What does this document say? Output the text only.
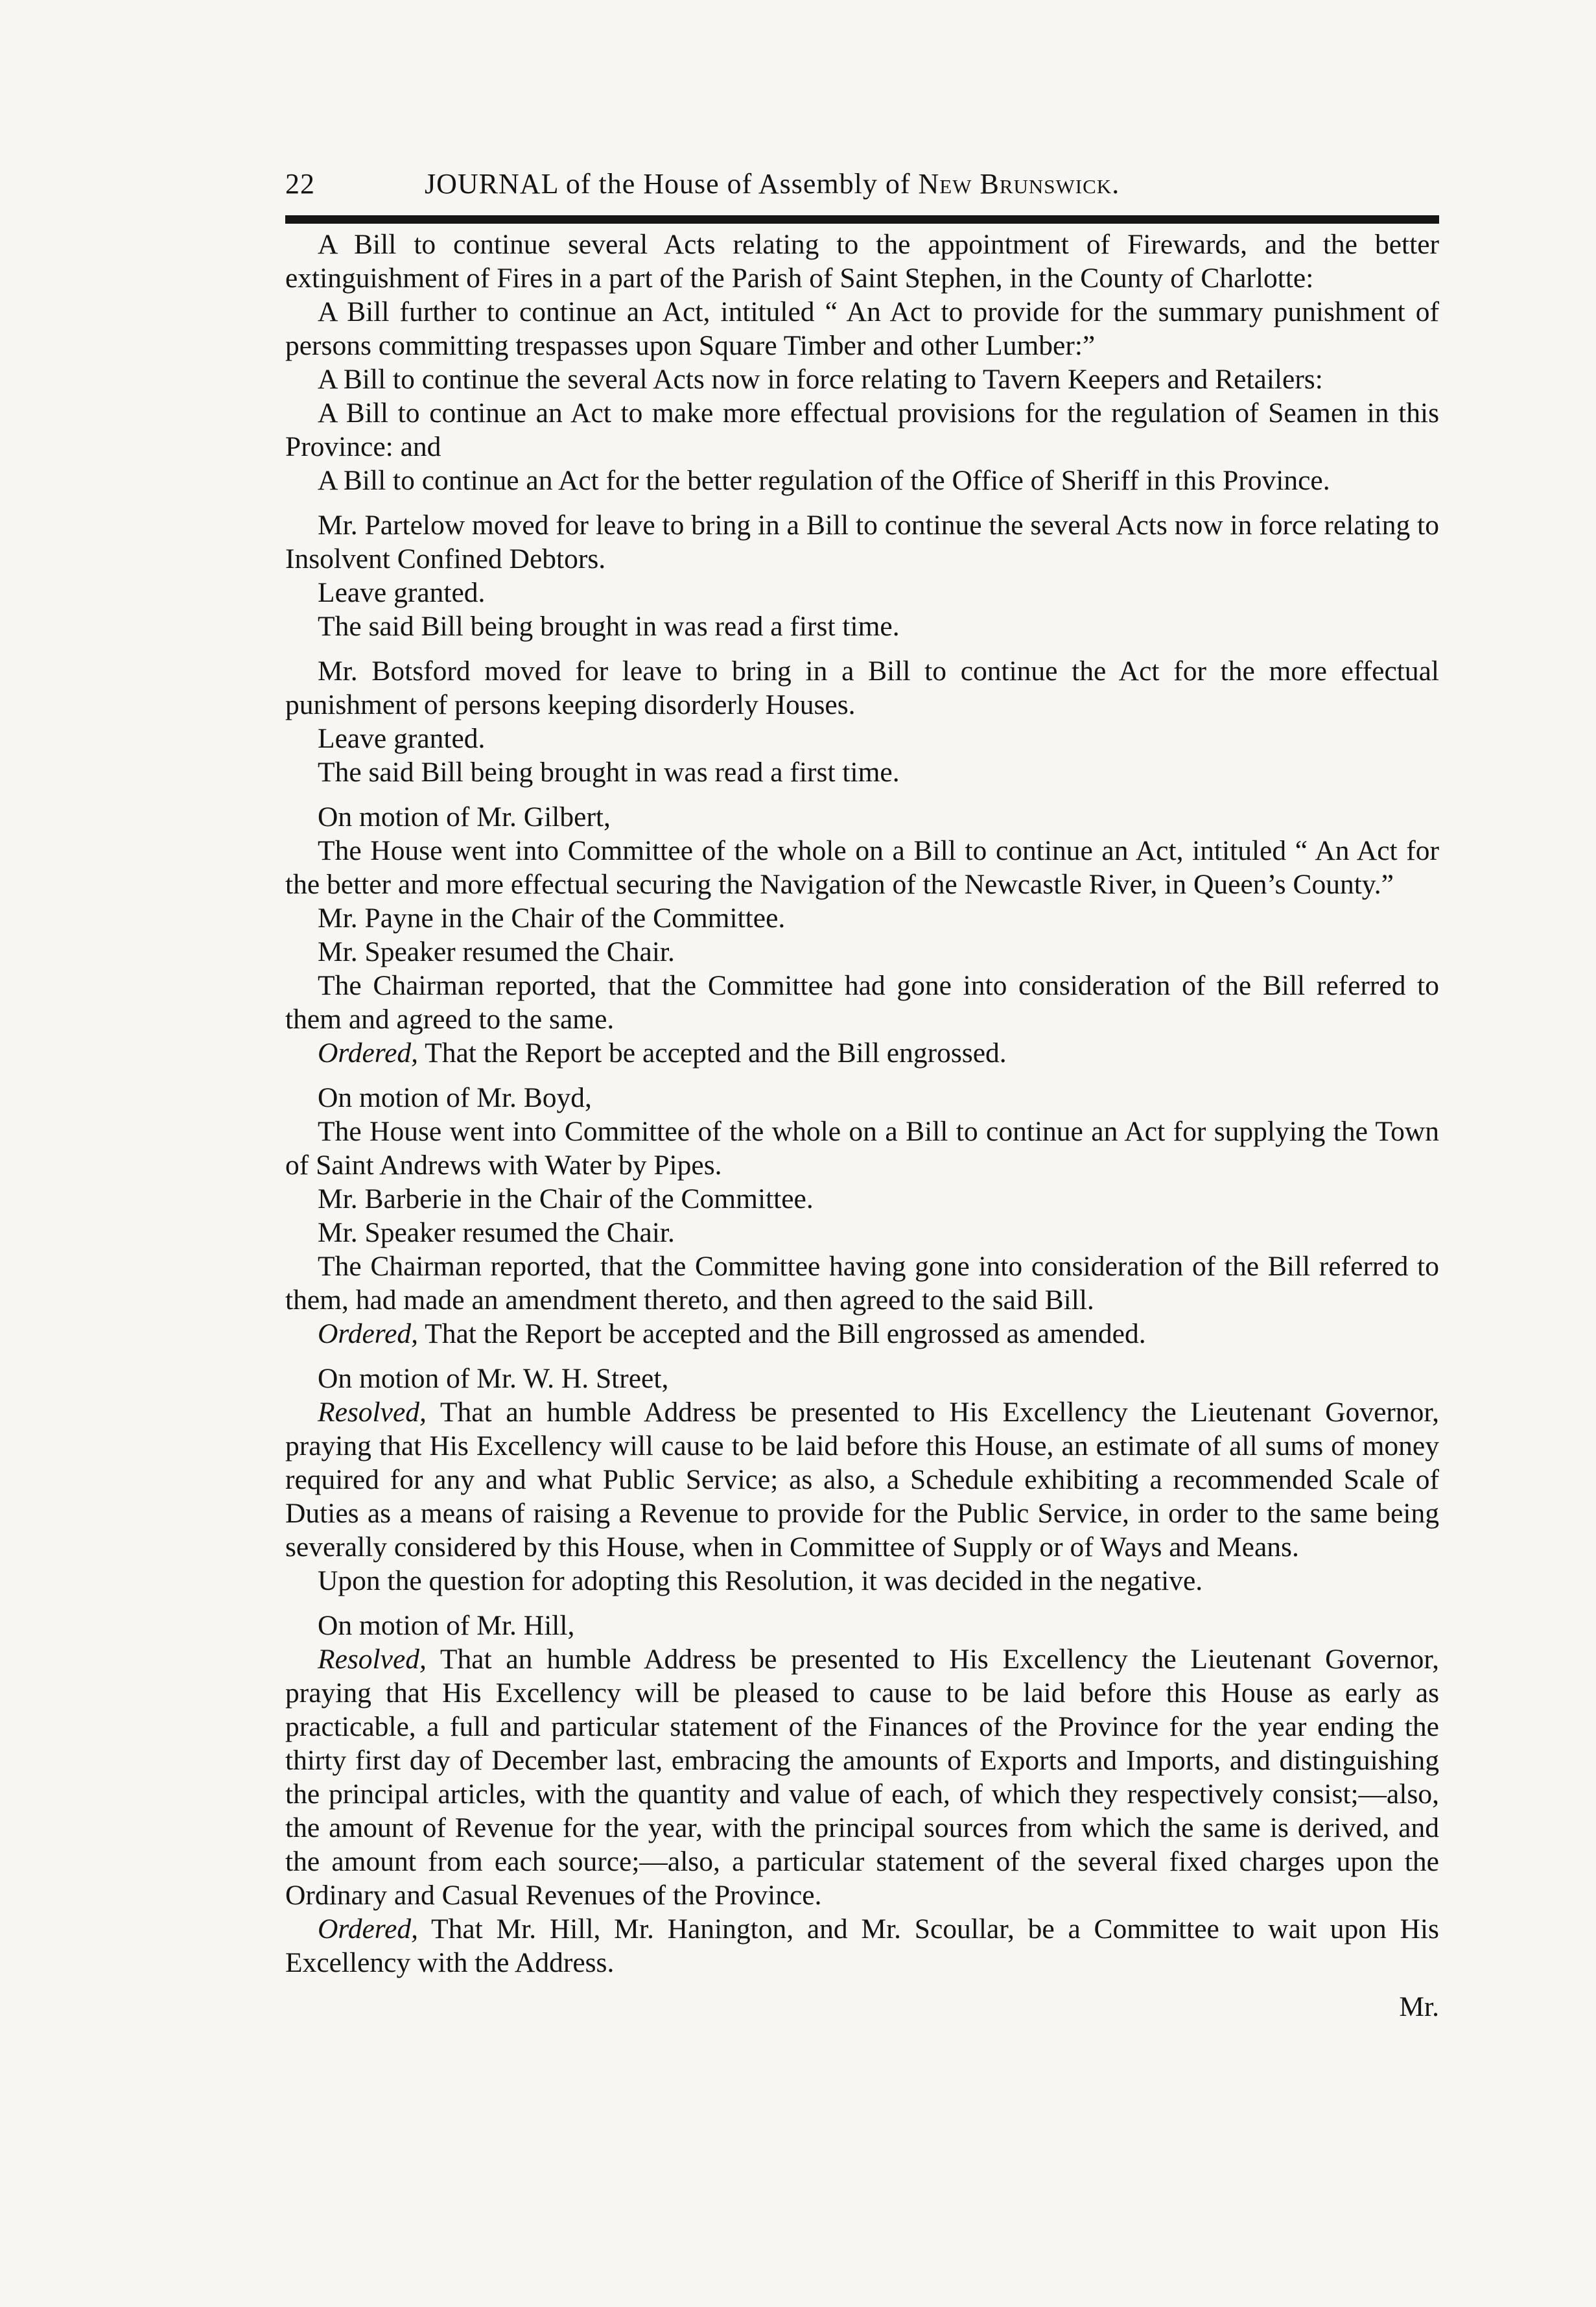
22	JOURNAL of the House of Assembly of New Brunswick.

A Bill to continue several Acts relating to the appointment of Firewards, and the better extinguishment of Fires in a part of the Parish of Saint Stephen, in the County of Charlotte:

A Bill further to continue an Act, intituled “ An Act to provide for the summary punishment of persons committing trespasses upon Square Timber and other Lumber:”

A Bill to continue the several Acts now in force relating to Tavern Keepers and Retailers:

A Bill to continue an Act to make more effectual provisions for the regulation of Seamen in this Province: and

A Bill to continue an Act for the better regulation of the Office of Sheriff in this Province.

Mr. Partelow moved for leave to bring in a Bill to continue the several Acts now in force relating to Insolvent Confined Debtors.

Leave granted.

The said Bill being brought in was read a first time.

Mr. Botsford moved for leave to bring in a Bill to continue the Act for the more effectual punishment of persons keeping disorderly Houses.

Leave granted.

The said Bill being brought in was read a first time.

On motion of Mr. Gilbert,

The House went into Committee of the whole on a Bill to continue an Act, intituled “ An Act for the better and more effectual securing the Navigation of the Newcastle River, in Queen’s County.”

Mr. Payne in the Chair of the Committee.

Mr. Speaker resumed the Chair.

The Chairman reported, that the Committee had gone into consideration of the Bill referred to them and agreed to the same.

Ordered, That the Report be accepted and the Bill engrossed.

On motion of Mr. Boyd,

The House went into Committee of the whole on a Bill to continue an Act for supplying the Town of Saint Andrews with Water by Pipes.

Mr. Barberie in the Chair of the Committee.

Mr. Speaker resumed the Chair.

The Chairman reported, that the Committee having gone into consideration of the Bill referred to them, had made an amendment thereto, and then agreed to the said Bill.

Ordered, That the Report be accepted and the Bill engrossed as amended.

On motion of Mr. W. H. Street,

Resolved, That an humble Address be presented to His Excellency the Lieutenant Governor, praying that His Excellency will cause to be laid before this House, an estimate of all sums of money required for any and what Public Service; as also, a Schedule exhibiting a recommended Scale of Duties as a means of raising a Revenue to provide for the Public Service, in order to the same being severally considered by this House, when in Committee of Supply or of Ways and Means.

Upon the question for adopting this Resolution, it was decided in the negative.

On motion of Mr. Hill,

Resolved, That an humble Address be presented to His Excellency the Lieutenant Governor, praying that His Excellency will be pleased to cause to be laid before this House as early as practicable, a full and particular statement of the Finances of the Province for the year ending the thirty first day of December last, embracing the amounts of Exports and Imports, and distinguishing the principal articles, with the quantity and value of each, of which they respectively consist;—also, the amount of Revenue for the year, with the principal sources from which the same is derived, and the amount from each source;—also, a particular statement of the several fixed charges upon the Ordinary and Casual Revenues of the Province.

Ordered, That Mr. Hill, Mr. Hanington, and Mr. Scoullar, be a Committee to wait upon His Excellency with the Address.

Mr.
